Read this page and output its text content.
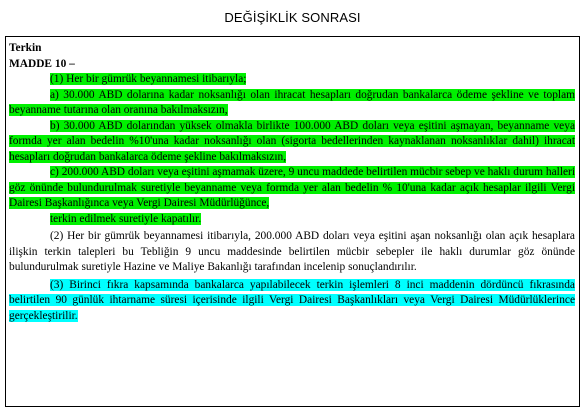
DEĞİŞİKLİK SONRASI
Terkin
MADDE 10 –

(1) Her bir gümrük beyannamesi itibarıyla;

a) 30.000 ABD dolarına kadar noksanlığı olan ihracat hesapları doğrudan bankalarca ödeme şekline ve toplam beyanname tutarına olan oranına bakılmaksızın,

b) 30.000 ABD dolarından yüksek olmakla birlikte 100.000 ABD doları veya eşitini aşmayan, beyanname veya formda yer alan bedelin %10'una kadar noksanlığı olan (sigorta bedellerinden kaynaklanan noksanlıklar dahil) ihracat hesapları doğrudan bankalarca ödeme şekline bakılmaksızın,

c) 200.000 ABD doları veya eşitini aşmamak üzere, 9 uncu maddede belirtilen mücbir sebep ve haklı durum halleri göz önünde bulundurulmak suretiyle beyanname veya formda yer alan bedelin % 10'una kadar açık hesaplar ilgili Vergi Dairesi Başkanlığınca veya Vergi Dairesi Müdürlüğünce,

terkin edilmek suretiyle kapatılır.

(2) Her bir gümrük beyannamesi itibarıyla, 200.000 ABD doları veya eşitini aşan noksanlığı olan açık hesaplara ilişkin terkin talepleri bu Tebliğin 9 uncu maddesinde belirtilen mücbir sebepler ile haklı durumlar göz önünde bulundurulmak suretiyle Hazine ve Maliye Bakanlığı tarafından incelenip sonuçlandırılır.

(3) Birinci fıkra kapsamında bankalarca yapılabilecek terkin işlemleri 8 inci maddenin dördüncü fıkrasında belirtilen 90 günlük ihtarname süresi içerisinde ilgili Vergi Dairesi Başkanlıkları veya Vergi Dairesi Müdürlüklerince gerçekleştirilir.
